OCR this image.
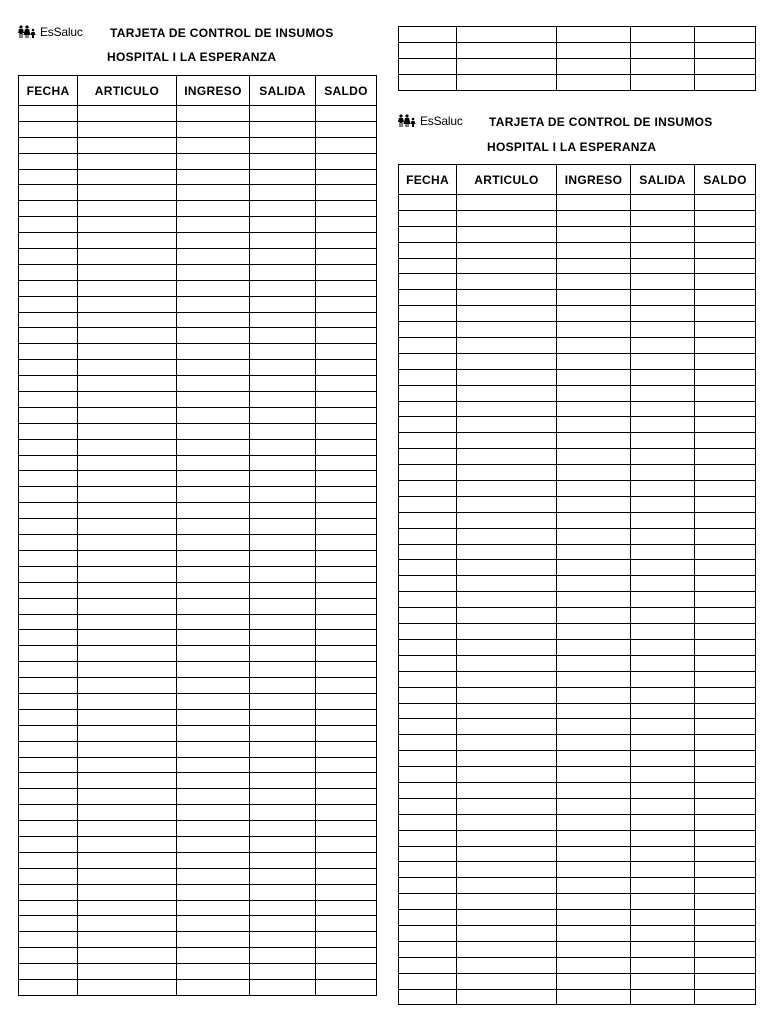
EsSaluc TARJETA DE CONTROL DE INSUMOS
HOSPITAL I LA ESPERANZA
FECHA	ARTICULO	INGRESO	SALIDA	SALDO

EsSaluc TARJETA DE CONTROL DE INSUMOS
HOSPITAL I LA ESPERANZA
FECHA	ARTICULO	INGRESO	SALIDA	SALDO
